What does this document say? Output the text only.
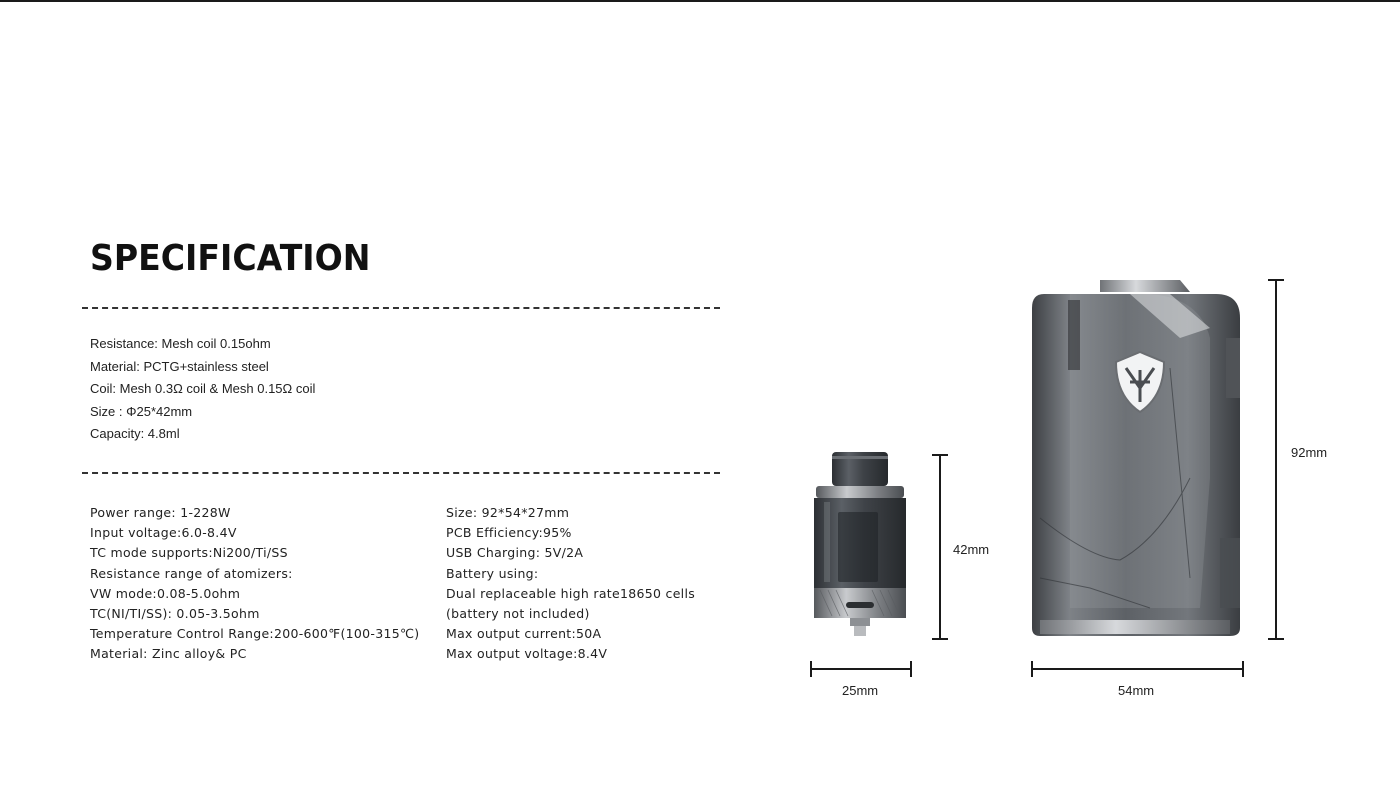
SPECIFICATION
Resistance: Mesh coil 0.15ohm
Material: PCTG+stainless steel
Coil: Mesh 0.3Ω coil & Mesh 0.15Ω coil
Size : Φ25*42mm
Capacity: 4.8ml
Power range: 1-228W
Input voltage:6.0-8.4V
TC mode supports:Ni200/Ti/SS
Resistance range of atomizers:
VW mode:0.08-5.0ohm
TC(NI/TI/SS): 0.05-3.5ohm
Temperature Control Range:200-600℉(100-315℃)
Material: Zinc alloy& PC
Size: 92*54*27mm
PCB Efficiency:95%
USB Charging: 5V/2A
Battery using:
Dual replaceable high rate18650 cells
(battery not included)
Max output current:50A
Max output voltage:8.4V
42mm
25mm
92mm
54mm
